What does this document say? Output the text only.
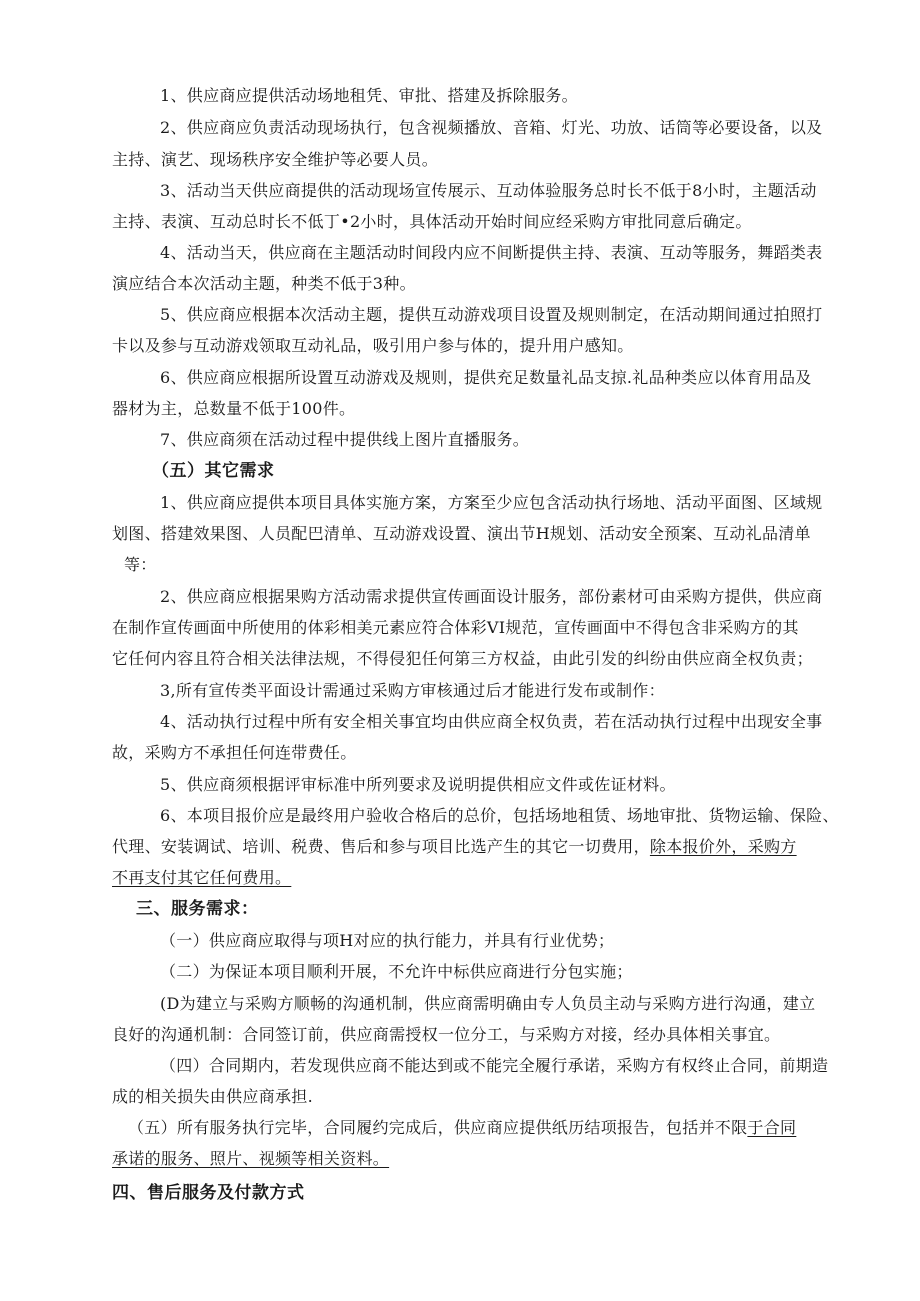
1、供应商应提供活动场地租凭、审批、搭建及拆除服务。
2、供应商应负责活动现场执行，包含视频播放、音箱、灯光、功放、话筒等必要设备，以及
主持、演艺、现场秩序安全维护等必要人员。
3、活动当天供应商提供的活动现场宣传展示、互动体验服务总时长不低于8小时，主题活动
主持、表演、互动总时长不低丁•2小时，具体活动开始时间应经采购方审批同意后确定。
4、活动当天，供应商在主题活动时间段内应不间断提供主持、表演、互动等服务，舞蹈类表
演应结合本次活动主题，种类不低于3种。
5、供应商应根据本次活动主题，提供互动游戏项目设置及规则制定，在活动期间通过拍照打
卡以及参与互动游戏领取互动礼品，吸引用户参与体的，提升用户感知。
6、供应商应根据所设置互动游戏及规则，提供充足数量礼品支掠.礼品种类应以体育用品及
器材为主，总数量不低于100件。
7、供应商须在活动过程中提供线上图片直播服务。
（五）其它需求
1、供应商应提供本项目具体实施方案，方案至少应包含活动执行场地、活动平面图、区域规
划图、搭建效果图、人员配巴清单、互动游戏设置、演出节H规划、活动安全预案、互动礼品清单
等：
2、供应商应根据果购方活动需求提供宣传画面设计服务，部份素材可由采购方提供，供应商
在制作宣传画面中所使用的体彩相美元素应符合体彩VI规范，宣传画面中不得包含非采购方的其
它任何内容且符合相关法律法规，不得侵犯任何第三方权益，由此引发的纠纷由供应商全权负责；
3,所有宣传类平面设计需通过采购方审核通过后才能进行发布或制作：
4、活动执行过程中所有安全相关事宜均由供应商全权负责，若在活动执行过程中出现安全事
故，采购方不承担任何连带费任。
5、供应商须根据评审标准中所列要求及说明提供相应文件或佐证材料。
6、本项目报价应是最终用户验收合格后的总价，包括场地租赁、场地审批、货物运输、保险、
代理、安装调试、培训、税费、售后和参与项目比选产生的其它一切费用，除本报价外，采购方
不再支付其它任何费用。
三、服务需求：
（一）供应商应取得与项H对应的执行能力，并具有行业优势；
（二）为保证本项目顺利开展，不允许中标供应商进行分包实施；
(D为建立与采购方顺畅的沟通机制，供应商需明确由专人负员主动与采购方进行沟通，建立
良好的沟通机制：合同签订前，供应商需授权一位分工，与采购方对接，经办具体相关事宜。
（四）合同期内，若发现供应商不能达到或不能完全履行承诺，采购方有权终止合同，前期造
成的相关损失由供应商承担.
（五）所有服务执行完毕，合同履约完成后，供应商应提供纸历结项报告，包括并不限于合同
承诺的服务、照片、视频等相关资料。
四、售后服务及付款方式
